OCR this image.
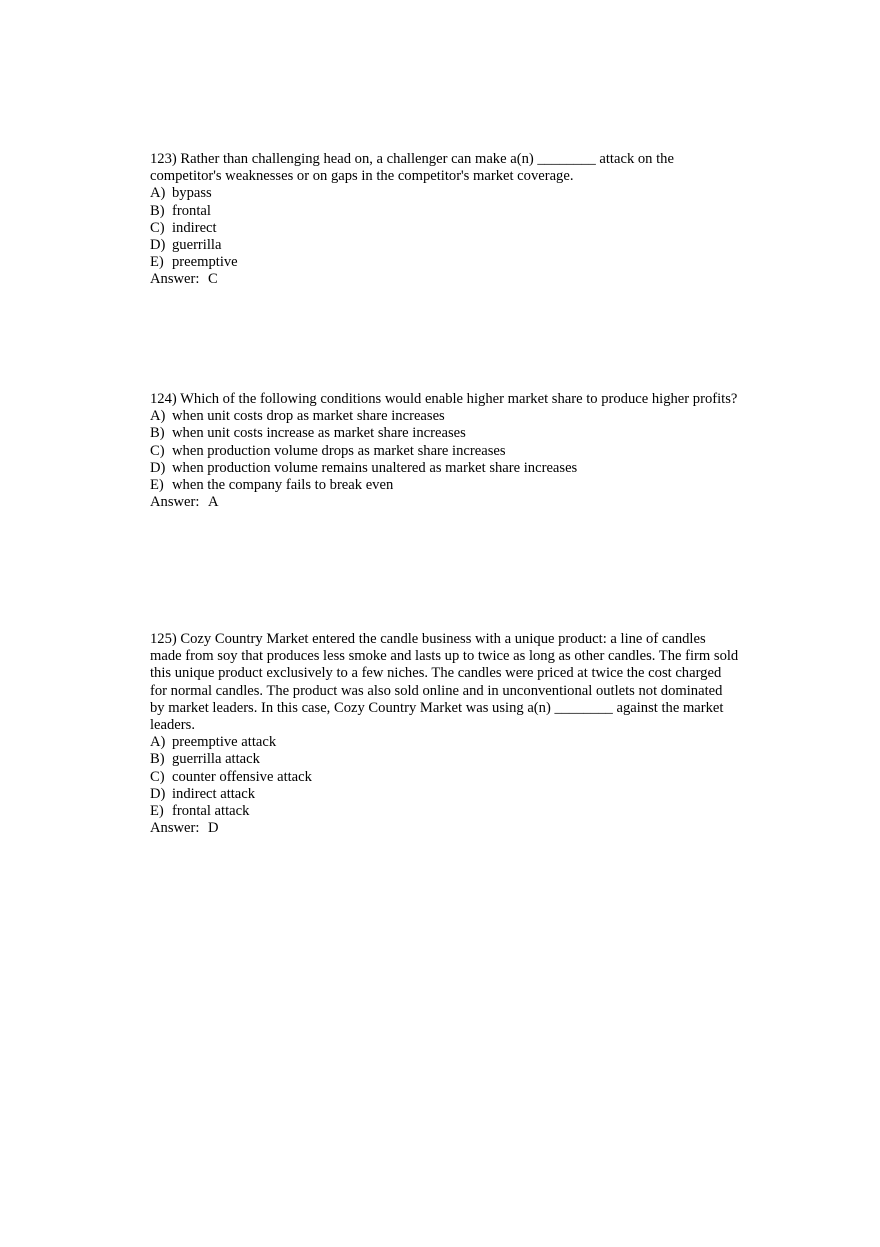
123) Rather than challenging head on, a challenger can make a(n) ________ attack on the competitor's weaknesses or on gaps in the competitor's market coverage.

A) bypass
B) frontal
C) indirect
D) guerrilla
E) preemptive

Answer: C

124) Which of the following conditions would enable higher market share to produce higher profits?

A) when unit costs drop as market share increases
B) when unit costs increase as market share increases
C) when production volume drops as market share increases
D) when production volume remains unaltered as market share increases
E) when the company fails to break even

Answer: A

125) Cozy Country Market entered the candle business with a unique product: a line of candles made from soy that produces less smoke and lasts up to twice as long as other candles. The firm sold this unique product exclusively to a few niches. The candles were priced at twice the cost charged for normal candles. The product was also sold online and in unconventional outlets not dominated by market leaders. In this case, Cozy Country Market was using a(n) ________ against the market leaders.

A) preemptive attack
B) guerrilla attack
C) counter offensive attack
D) indirect attack
E) frontal attack

Answer: D
